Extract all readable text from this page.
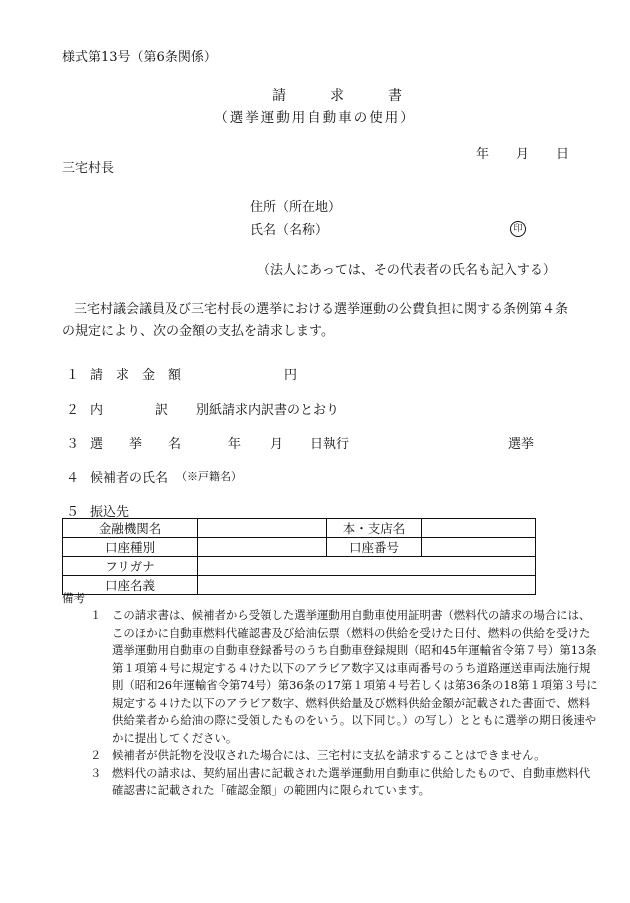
様式第13号（第6条関係）
請求書
（選挙運動用自動車の使用）
年 月 日
三宅村長
住所（所在地）
氏名（名称）	印
（法人にあっては、その代表者の氏名も記入する）
三宅村議会議員及び三宅村長の選挙における選挙運動の公費負担に関する条例第４条の規定により、次の金額の支払を請求します。
１ 請　求　金　額	円
２ 内　　　　訳 別紙請求内訳書のとおり
３ 選　　挙　　名	年 月 日執行	選挙
４ 候補者の氏名 （※戸籍名）
５ 振込先
金融機関名		本・支店名	
口座種別		口座番号	
フリガナ			
口座名義			
備考
１ この請求書は、候補者から受領した選挙運動用自動車使用証明書（燃料代の請求の場合には、このほかに自動車燃料代確認書及び給油伝票（燃料の供給を受けた日付、燃料の供給を受けた選挙運動用自動車の自動車登録番号のうち自動車登録規則（昭和45年運輸省令第７号）第13条第１項第４号に規定する４けた以下のアラビア数字又は車両番号のうち道路運送車両法施行規則（昭和26年運輸省令第74号）第36条の17第１項第４号若しくは第36条の18第１項第３号に規定する４けた以下のアラビア数字、燃料供給量及び燃料供給金額が記載された書面で、燃料供給業者から給油の際に受領したものをいう。以下同じ。）の写し）とともに選挙の期日後速やかに提出してください。
２ 候補者が供託物を没収された場合には、三宅村に支払を請求することはできません。
３ 燃料代の請求は、契約届出書に記載された選挙運動用自動車に供給したもので、自動車燃料代確認書に記載された「確認金額」の範囲内に限られています。
